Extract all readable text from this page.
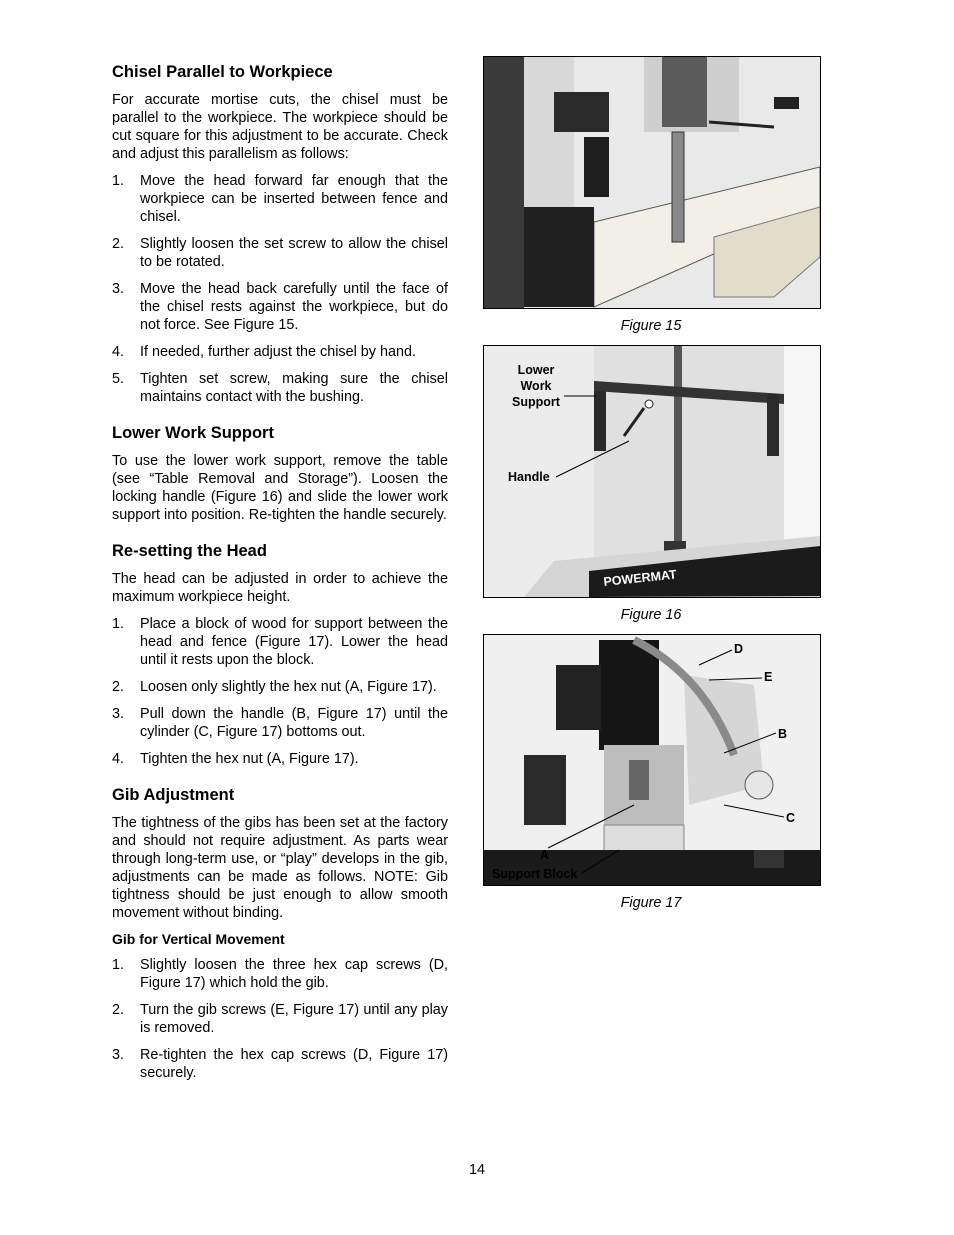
Chisel Parallel to Workpiece

For accurate mortise cuts, the chisel must be parallel to the workpiece. The workpiece should be cut square for this adjustment to be accurate. Check and adjust this parallelism as follows:

1.	Move the head forward far enough that the workpiece can be inserted between fence and chisel.
2.	Slightly loosen the set screw to allow the chisel to be rotated.
3.	Move the head back carefully until the face of the chisel rests against the workpiece, but do not force. See Figure 15.
4.	If needed, further adjust the chisel by hand.
5.	Tighten set screw, making sure the chisel maintains contact with the bushing.
Lower Work Support

To use the lower work support, remove the table (see “Table Removal and Storage”). Loosen the locking handle (Figure 16) and slide the lower work support into position. Re-tighten the handle securely.

Re-setting the Head

The head can be adjusted in order to achieve the maximum workpiece height.

1.	Place a block of wood for support between the head and fence (Figure 17). Lower the head until it rests upon the block.
2.	Loosen only slightly the hex nut (A, Figure 17).
3.	Pull down the handle (B, Figure 17) until the cylinder (C, Figure 17) bottoms out.
4.	Tighten the hex nut (A, Figure 17).
Gib Adjustment

The tightness of the gibs has been set at the factory and should not require adjustment. As parts wear through long-term use, or “play” develops in the gib, adjustments can be made as follows. NOTE: Gib tightness should be just enough to allow smooth movement without binding.

Gib for Vertical Movement
1.	Slightly loosen the three hex cap screws (D, Figure 17) which hold the gib.
2.	Turn the gib screws (E, Figure 17) until any play is removed.
3.	Re-tighten the hex cap screws (D, Figure 17) securely.
Figure 15
POWERMAT
Lower
Work
Support
Handle
Figure 16
D
E
B
C
A
Support Block
Figure 17
14
